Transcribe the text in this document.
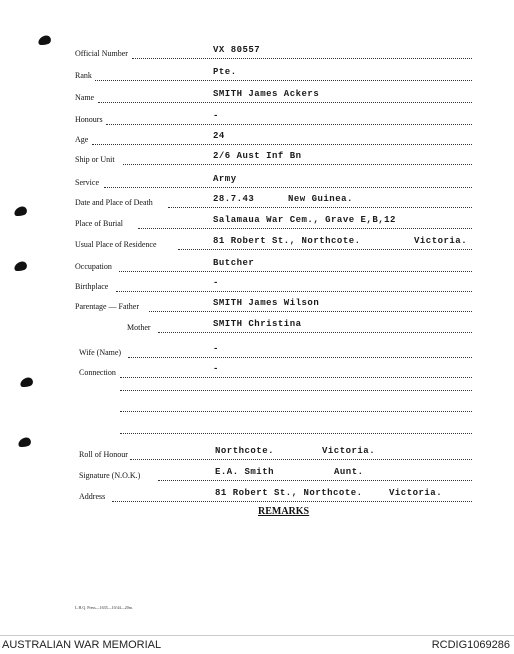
Official Number	VX 80557
Rank	Pte.
Name	SMITH James Ackers
Honours	-
Age	24
Ship or Unit	2/6 Aust Inf Bn
Service	Army
Date and Place of Death	28.7.43	New Guinea.
Place of Burial	Salamaua War Cem., Grave E,B,12
Usual Place of Residence	81 Robert St., Northcote.	Victoria.
Occupation	Butcher
Birthplace	-
Parentage — Father	SMITH James Wilson
Mother	SMITH Christina
Wife (Name)	-
Connection	-
Roll of Honour	Northcote.	Victoria.
Signature (N.O.K.)	E.A. Smith	Aunt.
Address	81 Robert St., Northcote.	Victoria.
REMARKS
L.H.Q. Press—1635—10/44—20m.
AUSTRALIAN WAR MEMORIAL	RCDIG1069286
